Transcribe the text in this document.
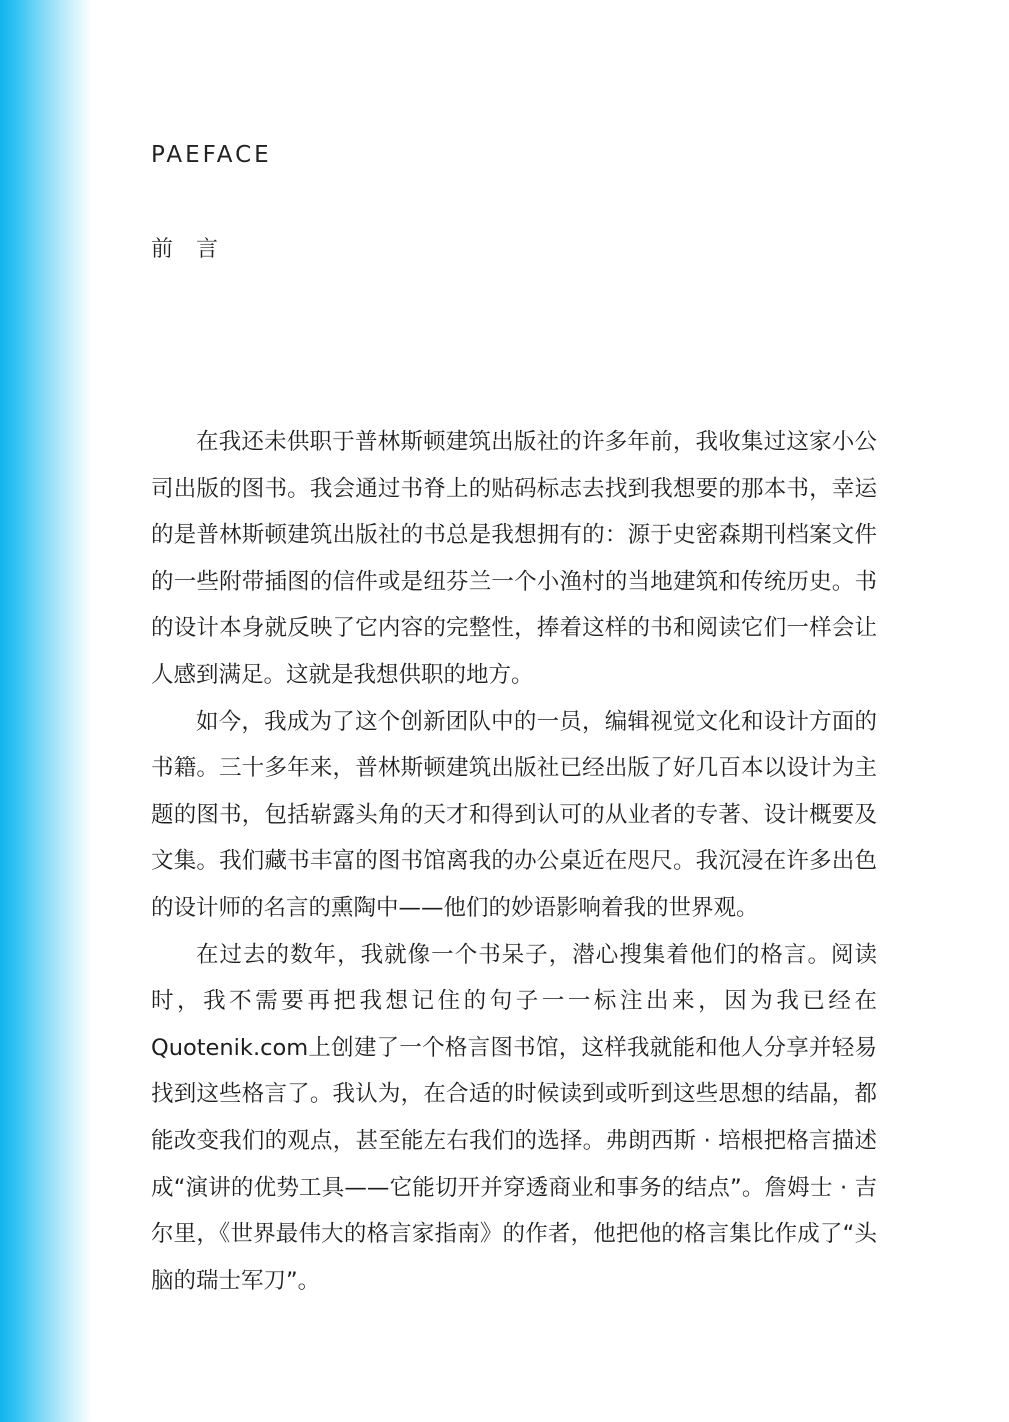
PAEFACE
前 言

在我还未供职于普林斯顿建筑出版社的许多年前，我收集过这家小公司出版的图书。我会通过书脊上的贴码标志去找到我想要的那本书，幸运的是普林斯顿建筑出版社的书总是我想拥有的：源于史密森期刊档案文件的一些附带插图的信件或是纽芬兰一个小渔村的当地建筑和传统历史。书的设计本身就反映了它内容的完整性，捧着这样的书和阅读它们一样会让人感到满足。这就是我想供职的地方。

如今，我成为了这个创新团队中的一员，编辑视觉文化和设计方面的书籍。三十多年来，普林斯顿建筑出版社已经出版了好几百本以设计为主题的图书，包括崭露头角的天才和得到认可的从业者的专著、设计概要及文集。我们藏书丰富的图书馆离我的办公桌近在咫尺。我沉浸在许多出色的设计师的名言的熏陶中——他们的妙语影响着我的世界观。

在过去的数年，我就像一个书呆子，潜心搜集着他们的格言。阅读时，我不需要再把我想记住的句子一一标注出来，因为我已经在Quotenik.com上创建了一个格言图书馆，这样我就能和他人分享并轻易找到这些格言了。我认为，在合适的时候读到或听到这些思想的结晶，都能改变我们的观点，甚至能左右我们的选择。弗朗西斯 · 培根把格言描述成“演讲的优势工具——它能切开并穿透商业和事务的结点”。詹姆士 · 吉尔里，《世界最伟大的格言家指南》的作者，他把他的格言集比作成了“头脑的瑞士军刀”。
